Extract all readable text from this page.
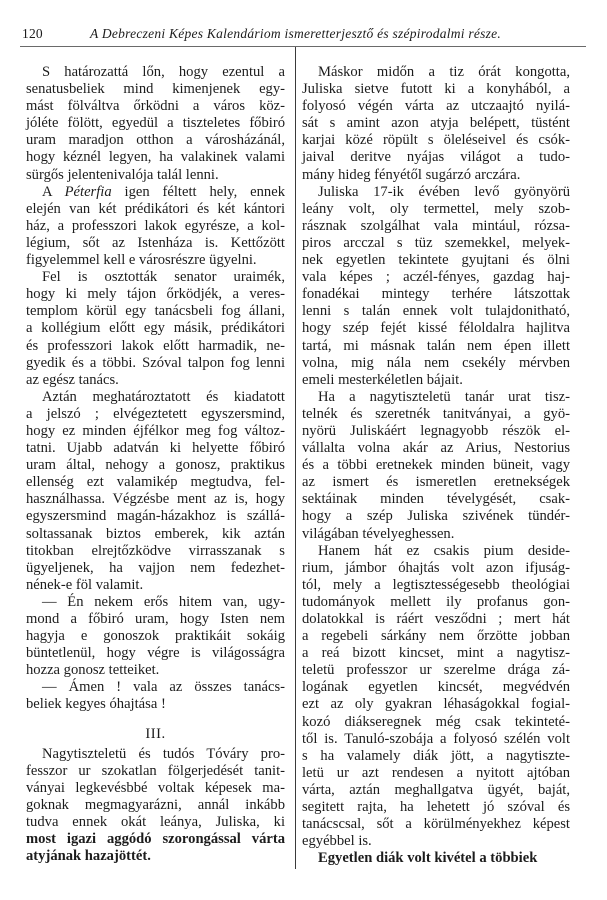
120	A Debreczeni Képes Kalendáriom ismeretterjesztő és szépirodalmi része.
S határozattá lőn, hogy ezentul a
senatusbeliek mind kimenjenek egy-
mást fölváltva őrködni a város köz-
jóléte fölött, egyedül a tiszteletes főbiró
uram maradjon otthon a városházánál,
hogy kéznél legyen, ha valakinek valami
sürgős jelentenivalója talál lenni.
A Péterfia igen féltett hely, ennek
elején van két prédikátori és két kántori
ház, a professzori lakok egyrésze, a kol-
légium, sőt az Istenháza is. Kettőzött
figyelemmel kell e városrészre ügyelni.
Fel is osztották senator uraimék,
hogy ki mely tájon őrködjék, a veres-
templom körül egy tanácsbeli fog állani,
a kollégium előtt egy másik, prédikátori
és professzori lakok előtt harmadik, ne-
gyedik és a többi. Szóval talpon fog lenni
az egész tanács.
Aztán meghatároztatott és kiadatott
a jelszó ; elvégeztetett egyszersmind,
hogy ez minden éjfélkor meg fog változ-
tatni. Ujabb adatván ki helyette főbiró
uram által, nehogy a gonosz, praktikus
ellenség ezt valamikép megtudva, fel-
használhassa. Végzésbe ment az is, hogy
egyszersmind magán-házakhoz is szállá-
soltassanak biztos emberek, kik aztán
titokban elrejtőzködve virrasszanak s
ügyeljenek, ha vajjon nem fedezhet-
nének-e föl valamit.
— Én nekem erős hitem van, ugy-
mond a főbiró uram, hogy Isten nem
hagyja e gonoszok praktikáit sokáig
büntetlenül, hogy végre is világosságra
hozza gonosz tetteiket.
— Ámen ! vala az összes tanács-
beliek kegyes óhajtása !
III.
Nagytiszteletü és tudós Tóváry pro-
fesszor ur szokatlan fölgerjedését tanit-
ványai legkevésbbé voltak képesek ma-
goknak megmagyarázni, annál inkább
tudva ennek okát leánya, Juliska, ki
most igazi aggódó szorongással várta
atyjának hazajöttét.
Máskor midőn a tiz órát kongotta,
Juliska sietve futott ki a konyhából, a
folyosó végén várta az utczaajtó nyilá-
sát s amint azon atyja belépett, tüstént
karjai közé röpült s öleléseivel és csók-
jaival deritve nyájas világot a tudo-
mány hideg fényétől sugárzó arczára.
Juliska 17-ik évében levő gyönyörü
leány volt, oly termettel, mely szob-
rásznak szolgálhat vala mintául, rózsa-
piros arcczal s tüz szemekkel, melyek-
nek egyetlen tekintete gyujtani és ölni
vala képes ; aczél-fényes, gazdag haj-
fonadékai mintegy terhére látszottak
lenni s talán ennek volt tulajdonitható,
hogy szép fejét kissé féloldalra hajlitva
tartá, mi másnak talán nem épen illett
volna, mig nála nem csekély mérvben
emeli mesterkéletlen bájait.
Ha a nagytiszteletü tanár urat tisz-
telnék és szeretnék tanitványai, a gyö-
nyörü Juliskáért legnagyobb részök el-
vállalta volna akár az Arius, Nestorius
és a többi eretnekek minden büneit, vagy
az ismert és ismeretlen eretnekségek
sektáinak minden tévelygését, csak-
hogy a szép Juliska szivének tündér-
világában tévelyeghessen.
Hanem hát ez csakis pium deside-
rium, jámbor óhajtás volt azon ifjuság-
tól, mely a legtisztességesebb theológiai
tudományok mellett ily profanus gon-
dolatokkal is ráért vesződni ; mert hát
a regebeli sárkány nem őrzötte jobban
a reá bizott kincset, mint a nagytisz-
teletü professzor ur szerelme drága zá-
logának egyetlen kincsét, megvédvén
ezt az oly gyakran léhaságokkal fogial-
kozó diákseregnek még csak tekinteté-
től is. Tanuló-szobája a folyosó szélén volt
s ha valamely diák jött, a nagytiszte-
letü ur azt rendesen a nyitott ajtóban
várta, aztán meghallgatva ügyét, baját,
segitett rajta, ha lehetett jó szóval és
tanácscsal, sőt a körülményekhez képest
egyébbel is.
Egyetlen diák volt kivétel a többiek
